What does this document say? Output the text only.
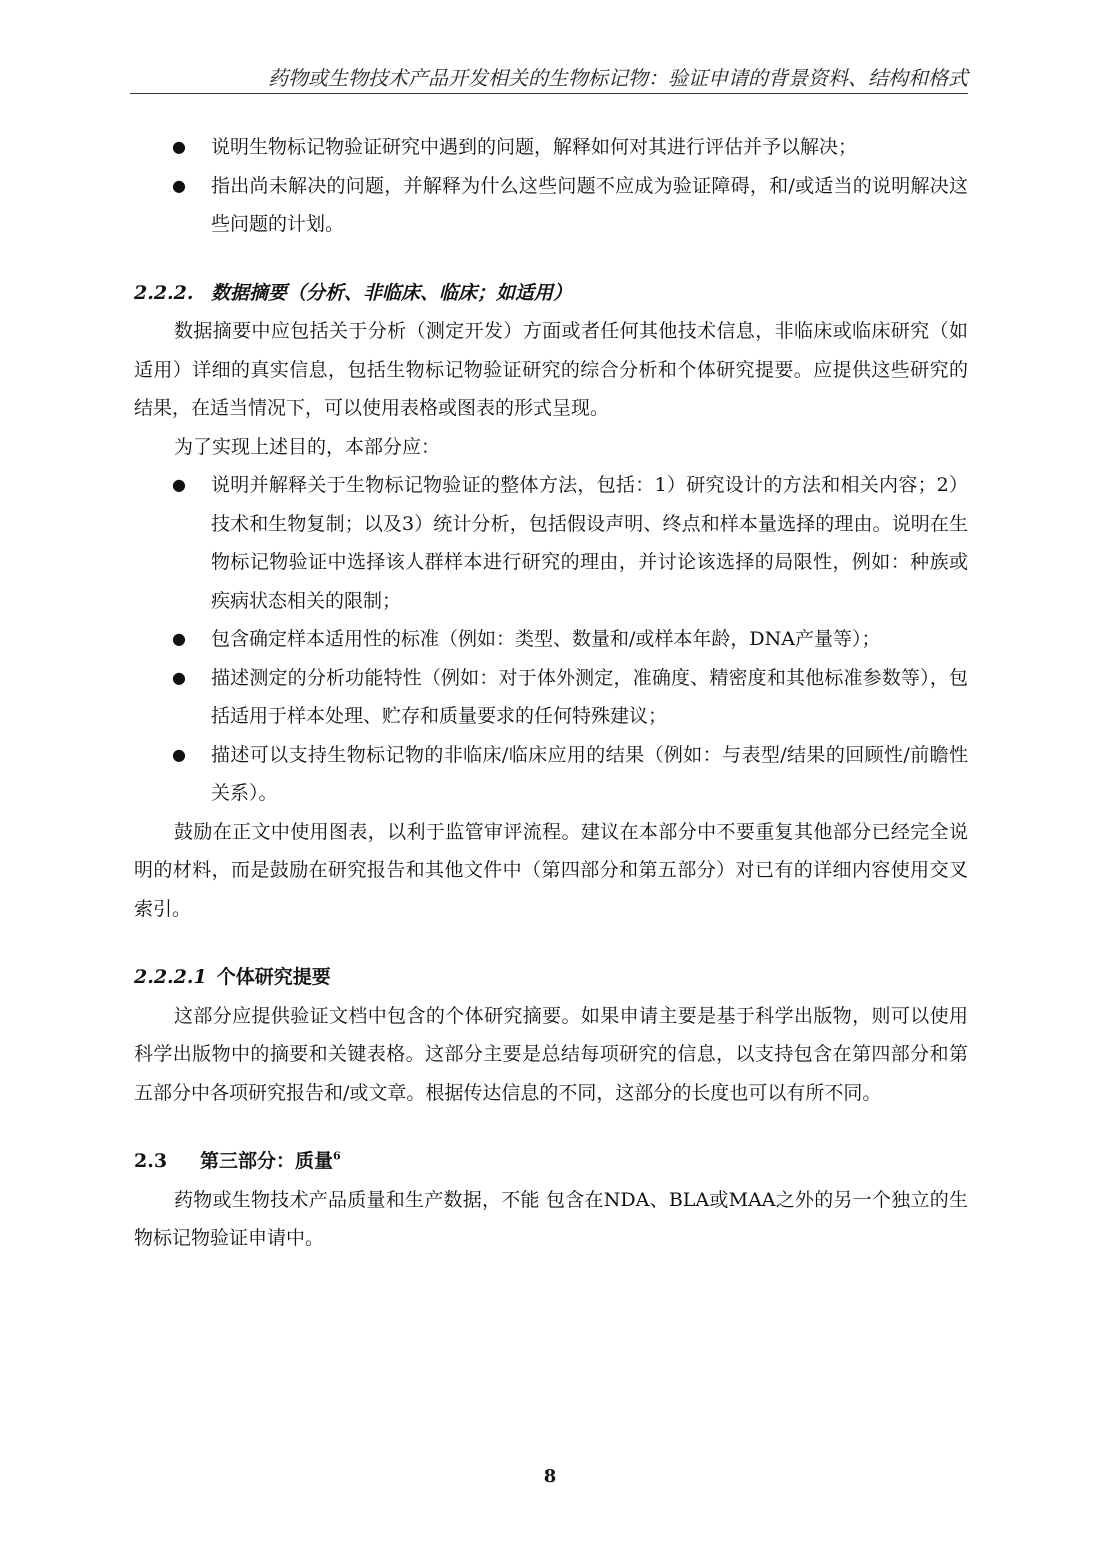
药物或生物技术产品开发相关的生物标记物：验证申请的背景资料、结构和格式
● 说明生物标记物验证研究中遇到的问题，解释如何对其进行评估并予以解决；
● 指出尚未解决的问题，并解释为什么这些问题不应成为验证障碍，和/或适当的说明解决这些问题的计划。

2.2.2. 数据摘要（分析、非临床、临床；如适用）

数据摘要中应包括关于分析（测定开发）方面或者任何其他技术信息，非临床或临床研究（如适用）详细的真实信息，包括生物标记物验证研究的综合分析和个体研究提要。应提供这些研究的结果，在适当情况下，可以使用表格或图表的形式呈现。

为了实现上述目的，本部分应：

● 说明并解释关于生物标记物验证的整体方法，包括：1）研究设计的方法和相关内容；2）技术和生物复制；以及3）统计分析，包括假设声明、终点和样本量选择的理由。说明在生物标记物验证中选择该人群样本进行研究的理由，并讨论该选择的局限性，例如：种族或疾病状态相关的限制；
● 包含确定样本适用性的标准（例如：类型、数量和/或样本年龄，DNA产量等）；
● 描述测定的分析功能特性（例如：对于体外测定，准确度、精密度和其他标准参数等），包括适用于样本处理、贮存和质量要求的任何特殊建议；
● 描述可以支持生物标记物的非临床/临床应用的结果（例如：与表型/结果的回顾性/前瞻性关系）。

鼓励在正文中使用图表，以利于监管审评流程。建议在本部分中不要重复其他部分已经完全说明的材料，而是鼓励在研究报告和其他文件中（第四部分和第五部分）对已有的详细内容使用交叉索引。

2.2.2.1 个体研究提要

这部分应提供验证文档中包含的个体研究摘要。如果申请主要是基于科学出版物，则可以使用科学出版物中的摘要和关键表格。这部分主要是总结每项研究的信息，以支持包含在第四部分和第五部分中各项研究报告和/或文章。根据传达信息的不同，这部分的长度也可以有所不同。

2.3 第三部分：质量$^6$

药物或生物技术产品质量和生产数据，不能 包含在NDA、BLA或MAA之外的另一个独立的生物标记物验证申请中。

8
